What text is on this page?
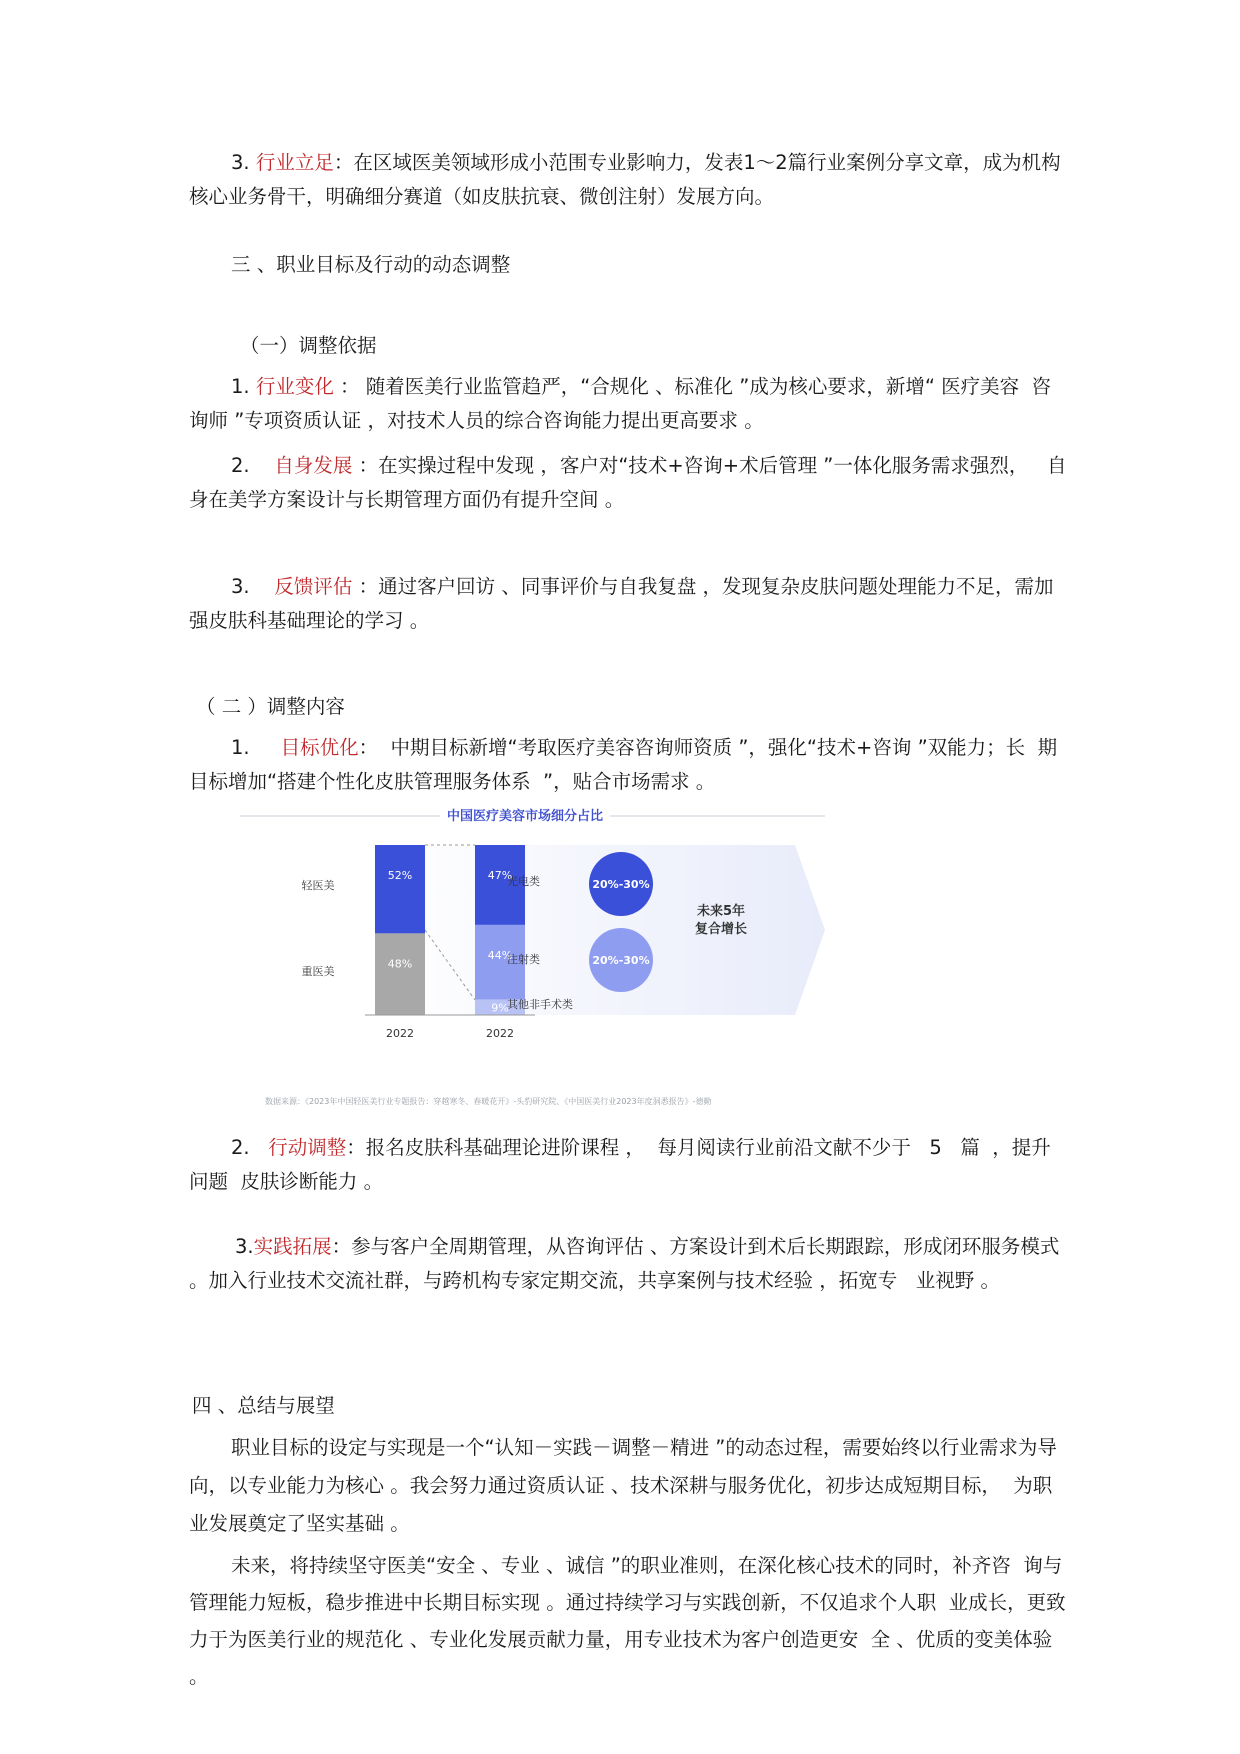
3. 行业立足：在区域医美领域形成小范围专业影响力，发表1～2篇行业案例分享文章，成为机构核心业务骨干，明确细分赛道（如皮肤抗衰、微创注射）发展方向。

三 、职业目标及行动的动态调整
（一）调整依据

1. 行业变化 ： 随着医美行业监管趋严，“合规化 、标准化 ”成为核心要求，新增“ 医疗美容  咨询师 ”专项资质认证 ，对技术人员的综合咨询能力提出更高要求 。

2.    自身发展 ：在实操过程中发现 ，客户对“技术+咨询+术后管理 ”一体化服务需求强烈，   自身在美学方案设计与长期管理方面仍有提升空间 。

3.    反馈评估 ：通过客户回访 、同事评价与自我复盘 ，发现复杂皮肤问题处理能力不足，需加强皮肤科基础理论的学习 。

（ 二 ）调整内容

1.     目标优化：  中期目标新增“考取医疗美容咨询师资质 ”，强化“技术+咨询 ”双能力；长  期目标增加“搭建个性化皮肤管理服务体系  ”，贴合市场需求 。

中国医疗美容市场细分占比
52%
48%
47%
44%
9%
轻医美
重医美
光电类
注射类
其他非手术类
20%-30%
20%-30%
未来5年
复合增长
2022	2022
数据来源：《2023年中国轻医美行业专题报告：穿越寒冬、春暖花开》-头豹研究院、《中国医美行业2023年度洞悉报告》-德勤

2.   行动调整：报名皮肤科基础理论进阶课程 ，  每月阅读行业前沿文献不少于   5   篇  ，提升问题  皮肤诊断能力 。

3.实践拓展：参与客户全周期管理，从咨询评估 、方案设计到术后长期跟踪，形成闭环服务模式 。加入行业技术交流社群，与跨机构专家定期交流，共享案例与技术经验 ，拓宽专   业视野 。

四 、总结与展望

职业目标的设定与实现是一个“认知－实践－调整－精进 ”的动态过程，需要始终以行业需求为导    向，以专业能力为核心 。我会努力通过资质认证 、技术深耕与服务优化，初步达成短期目标，  为职业发展奠定了坚实基础 。

未来，将持续坚守医美“安全 、专业 、诚信 ”的职业准则，在深化核心技术的同时，补齐咨  询与管理能力短板，稳步推进中长期目标实现 。通过持续学习与实践创新，不仅追求个人职  业成长，更致力于为医美行业的规范化 、专业化发展贡献力量，用专业技术为客户创造更安  全 、优质的变美体验 。
